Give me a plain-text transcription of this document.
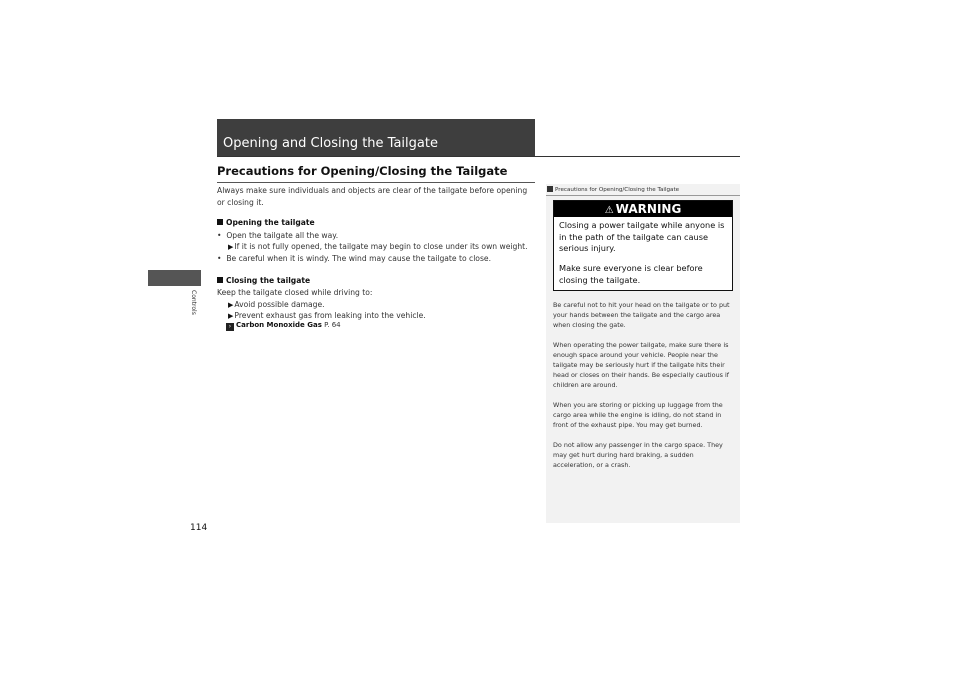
Opening and Closing the Tailgate
Controls
Precautions for Opening/Closing the Tailgate
Always make sure individuals and objects are clear of the tailgate before opening or closing it.
Opening the tailgate
•  Open the tailgate all the way.
▶If it is not fully opened, the tailgate may begin to close under its own weight.
•  Be careful when it is windy. The wind may cause the tailgate to close.
Closing the tailgate
Keep the tailgate closed while driving to:
▶Avoid possible damage.
▶Prevent exhaust gas from leaking into the vehicle.
› Carbon Monoxide Gas P. 64
114
Precautions for Opening/Closing the Tailgate
⚠ WARNING
Closing a power tailgate while anyone is in the path of the tailgate can cause serious injury.
Make sure everyone is clear before closing the tailgate.
Be careful not to hit your head on the tailgate or to put your hands between the tailgate and the cargo area when closing the gate.
When operating the power tailgate, make sure there is enough space around your vehicle. People near the tailgate may be seriously hurt if the tailgate hits their head or closes on their hands. Be especially cautious if children are around.
When you are storing or picking up luggage from the cargo area while the engine is idling, do not stand in front of the exhaust pipe. You may get burned.
Do not allow any passenger in the cargo space. They may get hurt during hard braking, a sudden acceleration, or a crash.
